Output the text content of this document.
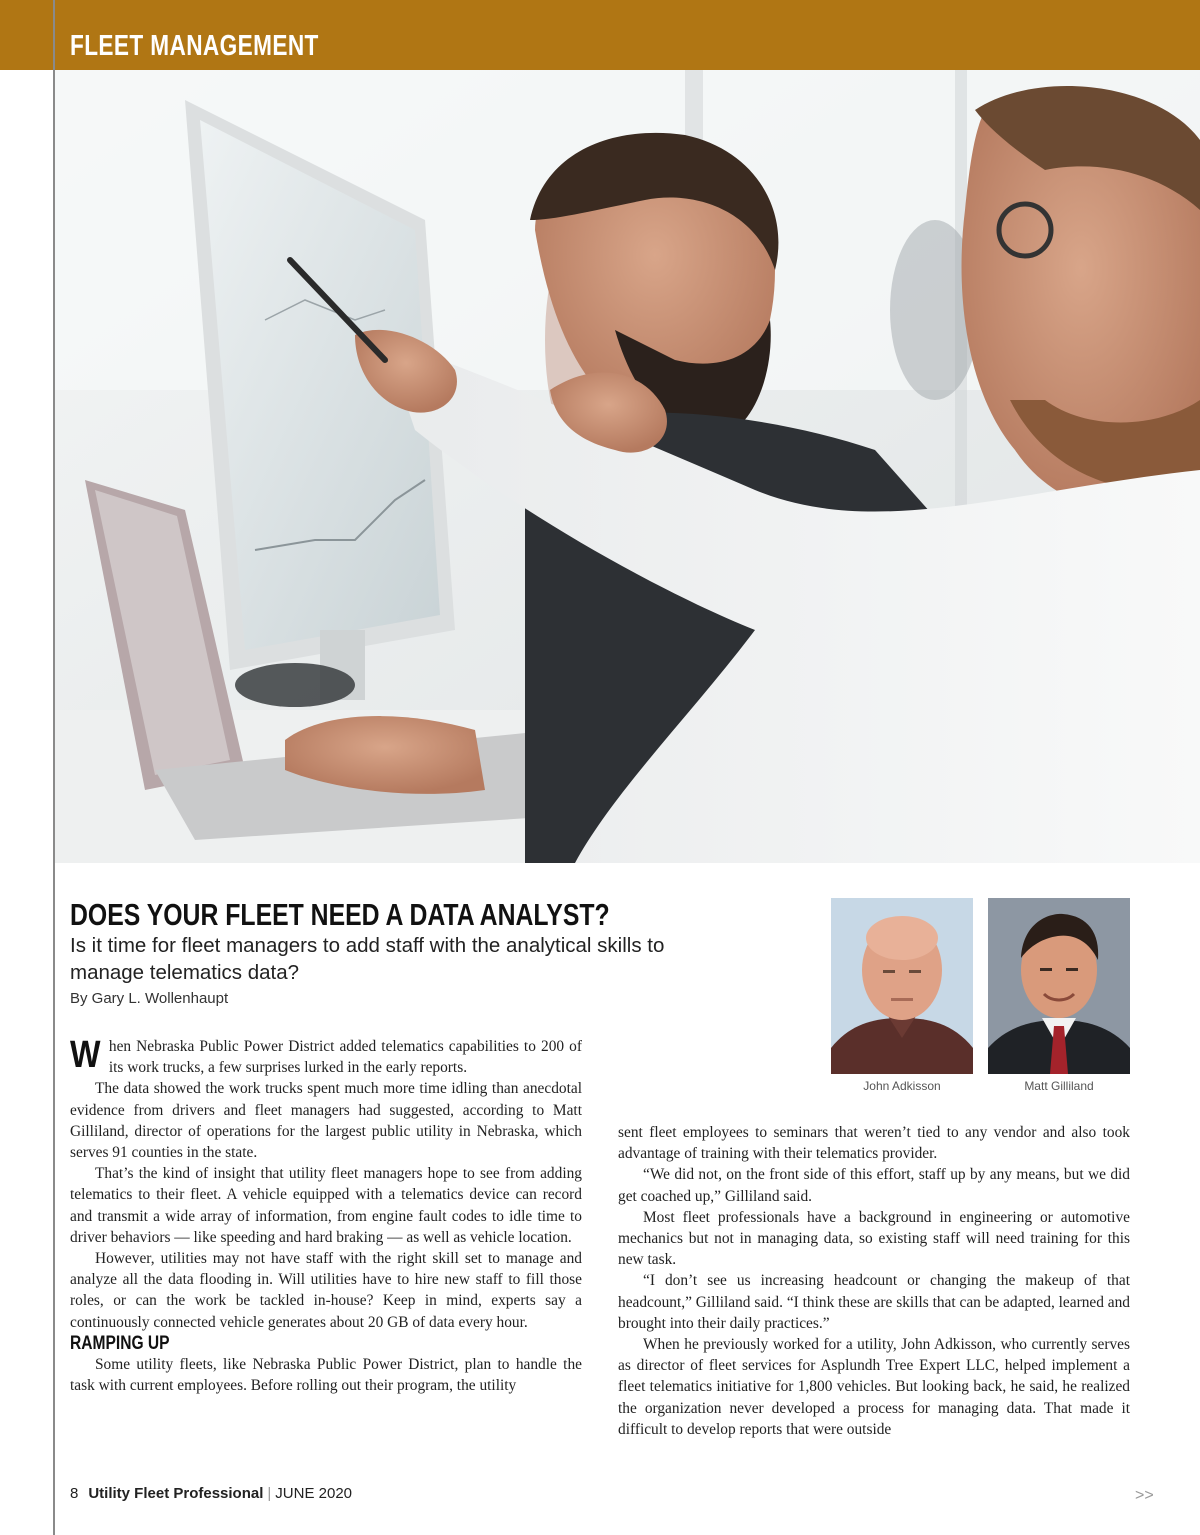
FLEET MANAGEMENT
DOES YOUR FLEET NEED A DATA ANALYST?
Is it time for fleet managers to add staff with the analytical skills to manage telematics data?
By Gary L. Wollenhaupt
John Adkisson	Matt Gilliland

When Nebraska Public Power District added telematics capabilities to 200 of its work trucks, a few surprises lurked in the early reports.

The data showed the work trucks spent much more time idling than anecdotal evidence from drivers and fleet managers had suggested, according to Matt Gilliland, director of operations for the largest public utility in Nebraska, which serves 91 counties in the state.

That’s the kind of insight that utility fleet managers hope to see from adding telematics to their fleet. A vehicle equipped with a telematics device can record and transmit a wide array of information, from engine fault codes to idle time to driver behaviors — like speeding and hard braking — as well as vehicle location.

However, utilities may not have staff with the right skill set to manage and analyze all the data flooding in. Will utilities have to hire new staff to fill those roles, or can the work be tackled in-house? Keep in mind, experts say a continuously connected vehicle generates about 20 GB of data every hour.

RAMPING UP

Some utility fleets, like Nebraska Public Power District, plan to handle the task with current employees. Before rolling out their program, the utility

sent fleet employees to seminars that weren’t tied to any vendor and also took advantage of training with their telematics provider.

“We did not, on the front side of this effort, staff up by any means, but we did get coached up,” Gilliland said.

Most fleet professionals have a background in engineering or automotive mechanics but not in managing data, so existing staff will need training for this new task.

“I don’t see us increasing headcount or changing the makeup of that headcount,” Gilliland said. “I think these are skills that can be adapted, learned and brought into their daily practices.”

When he previously worked for a utility, John Adkisson, who currently serves as director of fleet services for Asplundh Tree Expert LLC, helped implement a fleet telematics initiative for 1,800 vehicles. But looking back, he said, he realized the organization never developed a process for managing data. That made it difficult to develop reports that were outside

>>
8 Utility Fleet Professional | JUNE 2020
